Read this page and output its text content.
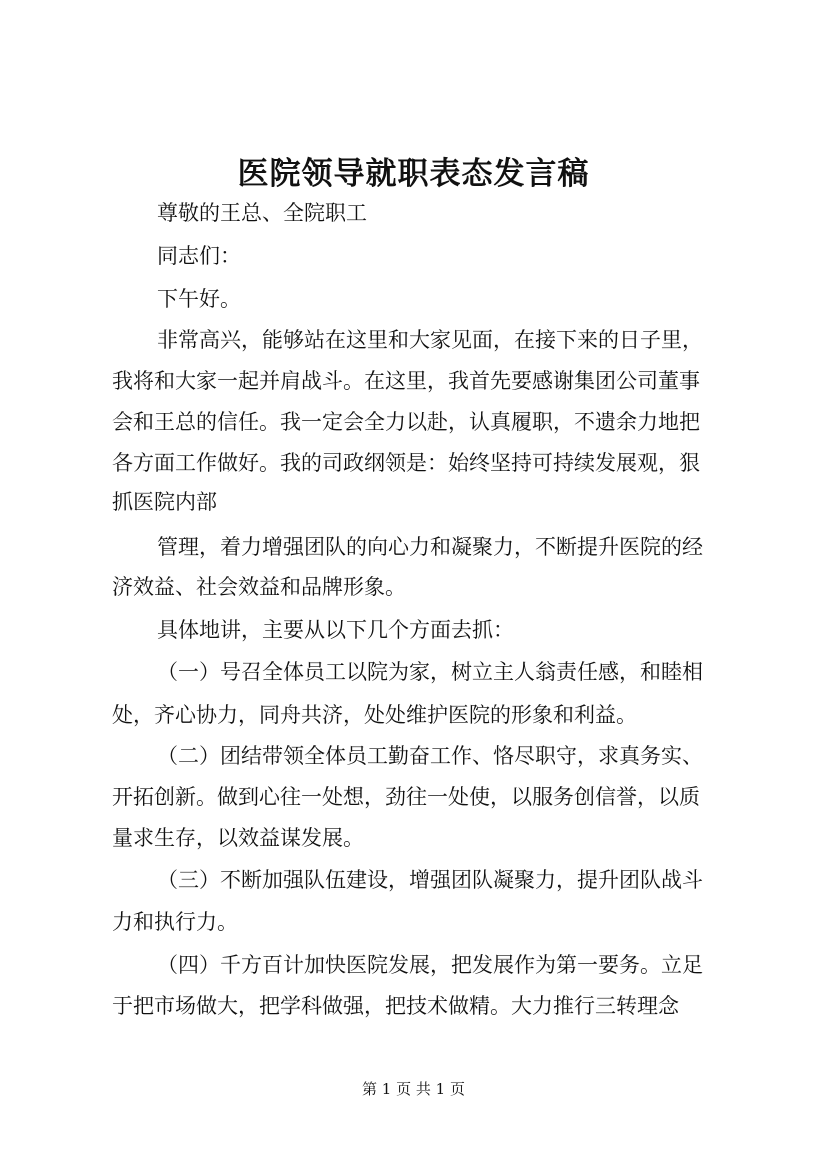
医院领导就职表态发言稿
尊敬的王总、全院职工
同志们：
下午好。
非常高兴，能够站在这里和大家见面，在接下来的日子里，
我将和大家一起并肩战斗。在这里，我首先要感谢集团公司董事
会和王总的信任。我一定会全力以赴，认真履职，不遗余力地把
各方面工作做好。我的司政纲领是：始终坚持可持续发展观，狠
抓医院内部
管理，着力增强团队的向心力和凝聚力，不断提升医院的经
济效益、社会效益和品牌形象。
具体地讲，主要从以下几个方面去抓：
（一）号召全体员工以院为家，树立主人翁责任感，和睦相
处，齐心协力，同舟共济，处处维护医院的形象和利益。
（二）团结带领全体员工勤奋工作、恪尽职守，求真务实、
开拓创新。做到心往一处想，劲往一处使，以服务创信誉，以质
量求生存，以效益谋发展。
（三）不断加强队伍建设，增强团队凝聚力，提升团队战斗
力和执行力。
（四）千方百计加快医院发展，把发展作为第一要务。立足
于把市场做大，把学科做强，把技术做精。大力推行三转理念
第 1 页 共 1 页
